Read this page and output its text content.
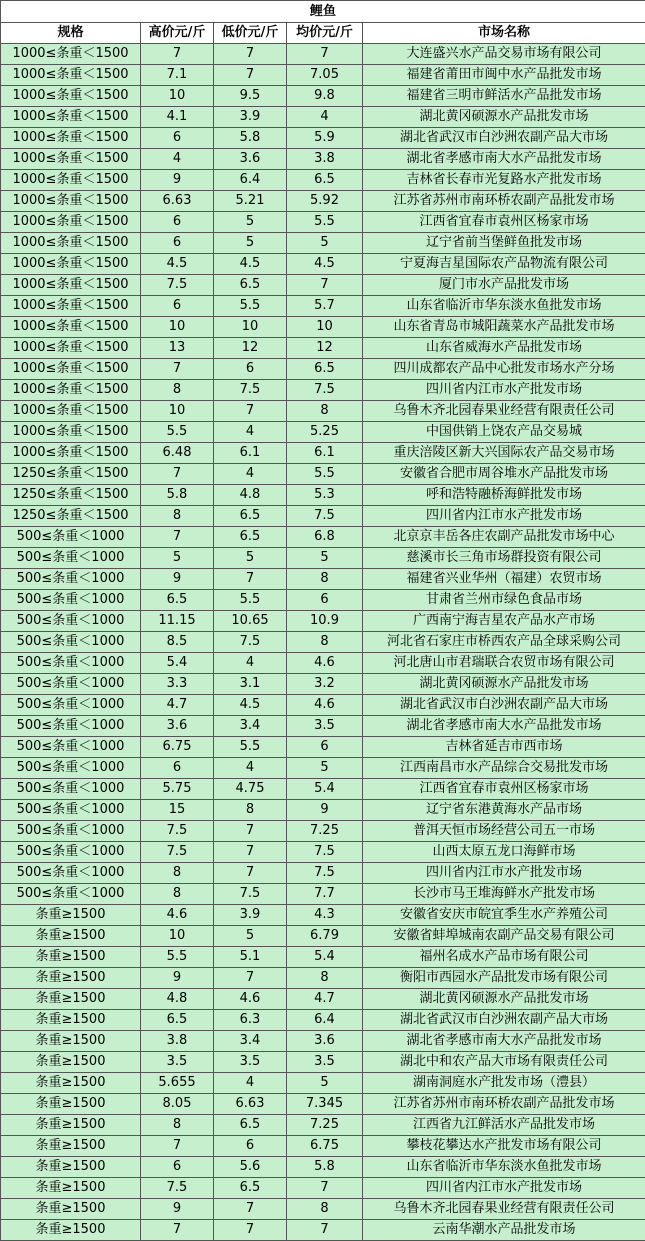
鲤鱼				
规格	高价元/斤	低价元/斤	均价元/斤	市场名称
1000≤条重＜1500	7	7	7	大连盛兴水产品交易市场有限公司
1000≤条重＜1500	7.1	7	7.05	福建省莆田市闽中水产品批发市场
1000≤条重＜1500	10	9.5	9.8	福建省三明市鲜活水产品批发市场
1000≤条重＜1500	4.1	3.9	4	湖北黄冈硕源水产品批发市场
1000≤条重＜1500	6	5.8	5.9	湖北省武汉市白沙洲农副产品大市场
1000≤条重＜1500	4	3.6	3.8	湖北省孝感市南大水产品批发市场
1000≤条重＜1500	9	6.4	6.5	吉林省长春市光复路水产批发市场
1000≤条重＜1500	6.63	5.21	5.92	江苏省苏州市南环桥农副产品批发市场
1000≤条重＜1500	6	5	5.5	江西省宜春市袁州区杨家市场
1000≤条重＜1500	6	5	5	辽宁省前当堡鲜鱼批发市场
1000≤条重＜1500	4.5	4.5	4.5	宁夏海吉星国际农产品物流有限公司
1000≤条重＜1500	7.5	6.5	7	厦门市水产品批发市场
1000≤条重＜1500	6	5.5	5.7	山东省临沂市华东淡水鱼批发市场
1000≤条重＜1500	10	10	10	山东省青岛市城阳蔬菜水产品批发市场
1000≤条重＜1500	13	12	12	山东省威海水产品批发市场
1000≤条重＜1500	7	6	6.5	四川成都农产品中心批发市场水产分场
1000≤条重＜1500	8	7.5	7.5	四川省内江市水产批发市场
1000≤条重＜1500	10	7	8	乌鲁木齐北园春果业经营有限责任公司
1000≤条重＜1500	5.5	4	5.25	中国供销上饶农产品交易城
1000≤条重＜1500	6.48	6.1	6.1	重庆涪陵区新大兴国际农产品交易市场
1250≤条重＜1500	7	4	5.5	安徽省合肥市周谷堆水产品批发市场
1250≤条重＜1500	5.8	4.8	5.3	呼和浩特融桥海鲜批发市场
1250≤条重＜1500	8	6.5	7.5	四川省内江市水产批发市场
500≤条重＜1000	7	6.5	6.8	北京京丰岳各庄农副产品批发市场中心
500≤条重＜1000	5	5	5	慈溪市长三角市场群投资有限公司
500≤条重＜1000	9	7	8	福建省兴业华州（福建）农贸市场
500≤条重＜1000	6.5	5.5	6	甘肃省兰州市绿色食品市场
500≤条重＜1000	11.15	10.65	10.9	广西南宁海吉星农产品水产市场
500≤条重＜1000	8.5	7.5	8	河北省石家庄市桥西农产品全球采购公司
500≤条重＜1000	5.4	4	4.6	河北唐山市君瑞联合农贸市场有限公司
500≤条重＜1000	3.3	3.1	3.2	湖北黄冈硕源水产品批发市场
500≤条重＜1000	4.7	4.5	4.6	湖北省武汉市白沙洲农副产品大市场
500≤条重＜1000	3.6	3.4	3.5	湖北省孝感市南大水产品批发市场
500≤条重＜1000	6.75	5.5	6	吉林省延吉市西市场
500≤条重＜1000	6	4	5	江西南昌市水产品综合交易批发市场
500≤条重＜1000	5.75	4.75	5.4	江西省宜春市袁州区杨家市场
500≤条重＜1000	15	8	9	辽宁省东港黄海水产品市场
500≤条重＜1000	7.5	7	7.25	普洱天恒市场经营公司五一市场
500≤条重＜1000	7.5	7	7.5	山西太原五龙口海鲜市场
500≤条重＜1000	8	7	7.5	四川省内江市水产批发市场
500≤条重＜1000	8	7.5	7.7	长沙市马王堆海鲜水产批发市场
条重≥1500	4.6	3.9	4.3	安徽省安庆市皖宜季生水产养殖公司
条重≥1500	10	5	6.79	安徽省蚌埠城南农副产品交易有限公司
条重≥1500	5.5	5.1	5.4	福州名成水产品市场有限公司
条重≥1500	9	7	8	衡阳市西园水产品批发市场有限公司
条重≥1500	4.8	4.6	4.7	湖北黄冈硕源水产品批发市场
条重≥1500	6.5	6.3	6.4	湖北省武汉市白沙洲农副产品大市场
条重≥1500	3.8	3.4	3.6	湖北省孝感市南大水产品批发市场
条重≥1500	3.5	3.5	3.5	湖北中和农产品大市场有限责任公司
条重≥1500	5.655	4	5	湖南洞庭水产批发市场（澧县）
条重≥1500	8.05	6.63	7.345	江苏省苏州市南环桥农副产品批发市场
条重≥1500	8	6.5	7.25	江西省九江鲜活水产品批发市场
条重≥1500	7	6	6.75	攀枝花攀达水产批发市场有限公司
条重≥1500	6	5.6	5.8	山东省临沂市华东淡水鱼批发市场
条重≥1500	7.5	6.5	7	四川省内江市水产批发市场
条重≥1500	9	7	8	乌鲁木齐北园春果业经营有限责任公司
条重≥1500	7	7	7	云南华潮水产品批发市场
